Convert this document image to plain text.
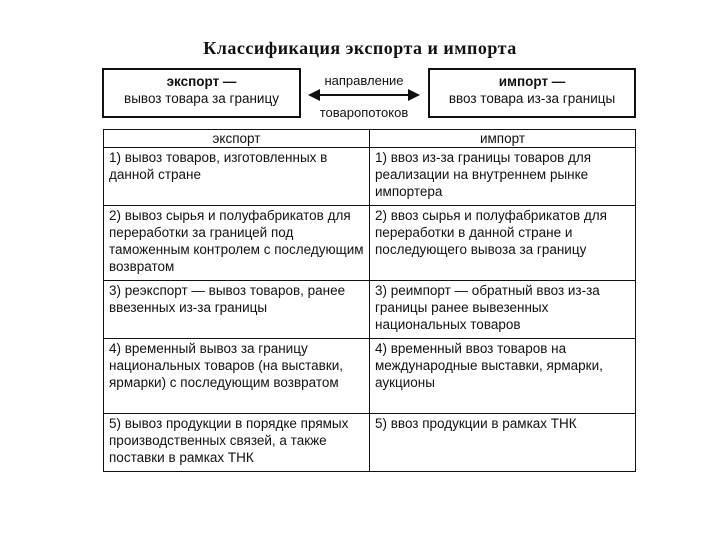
Классификация экспорта и импорта
экспорт —
вывоз товара за границу
направление
товаропотоков
импорт —
ввоз товара из-за границы
экспорт	импорт
1) вывоз товаров, изготовленных в данной стране	1) ввоз из-за границы товаров для реализации на внутреннем рынке импортера
2) вывоз сырья и полуфабрикатов для переработки за границей под таможенным контролем с последующим возвратом	2) ввоз сырья и полуфабрикатов для переработки в данной стране и последующего вывоза за границу
3) реэкспорт — вывоз товаров, ранее ввезенных из-за границы	3) реимпорт — обратный ввоз из-за границы ранее вывезенных национальных товаров
4) временный вывоз за границу национальных товаров (на выставки, ярмарки) с последующим возвратом	4) временный ввоз товаров на международные выставки, ярмарки, аукционы
5) вывоз продукции в порядке прямых производственных связей, а также поставки в рамках ТНК	5) ввоз продукции в рамках ТНК
